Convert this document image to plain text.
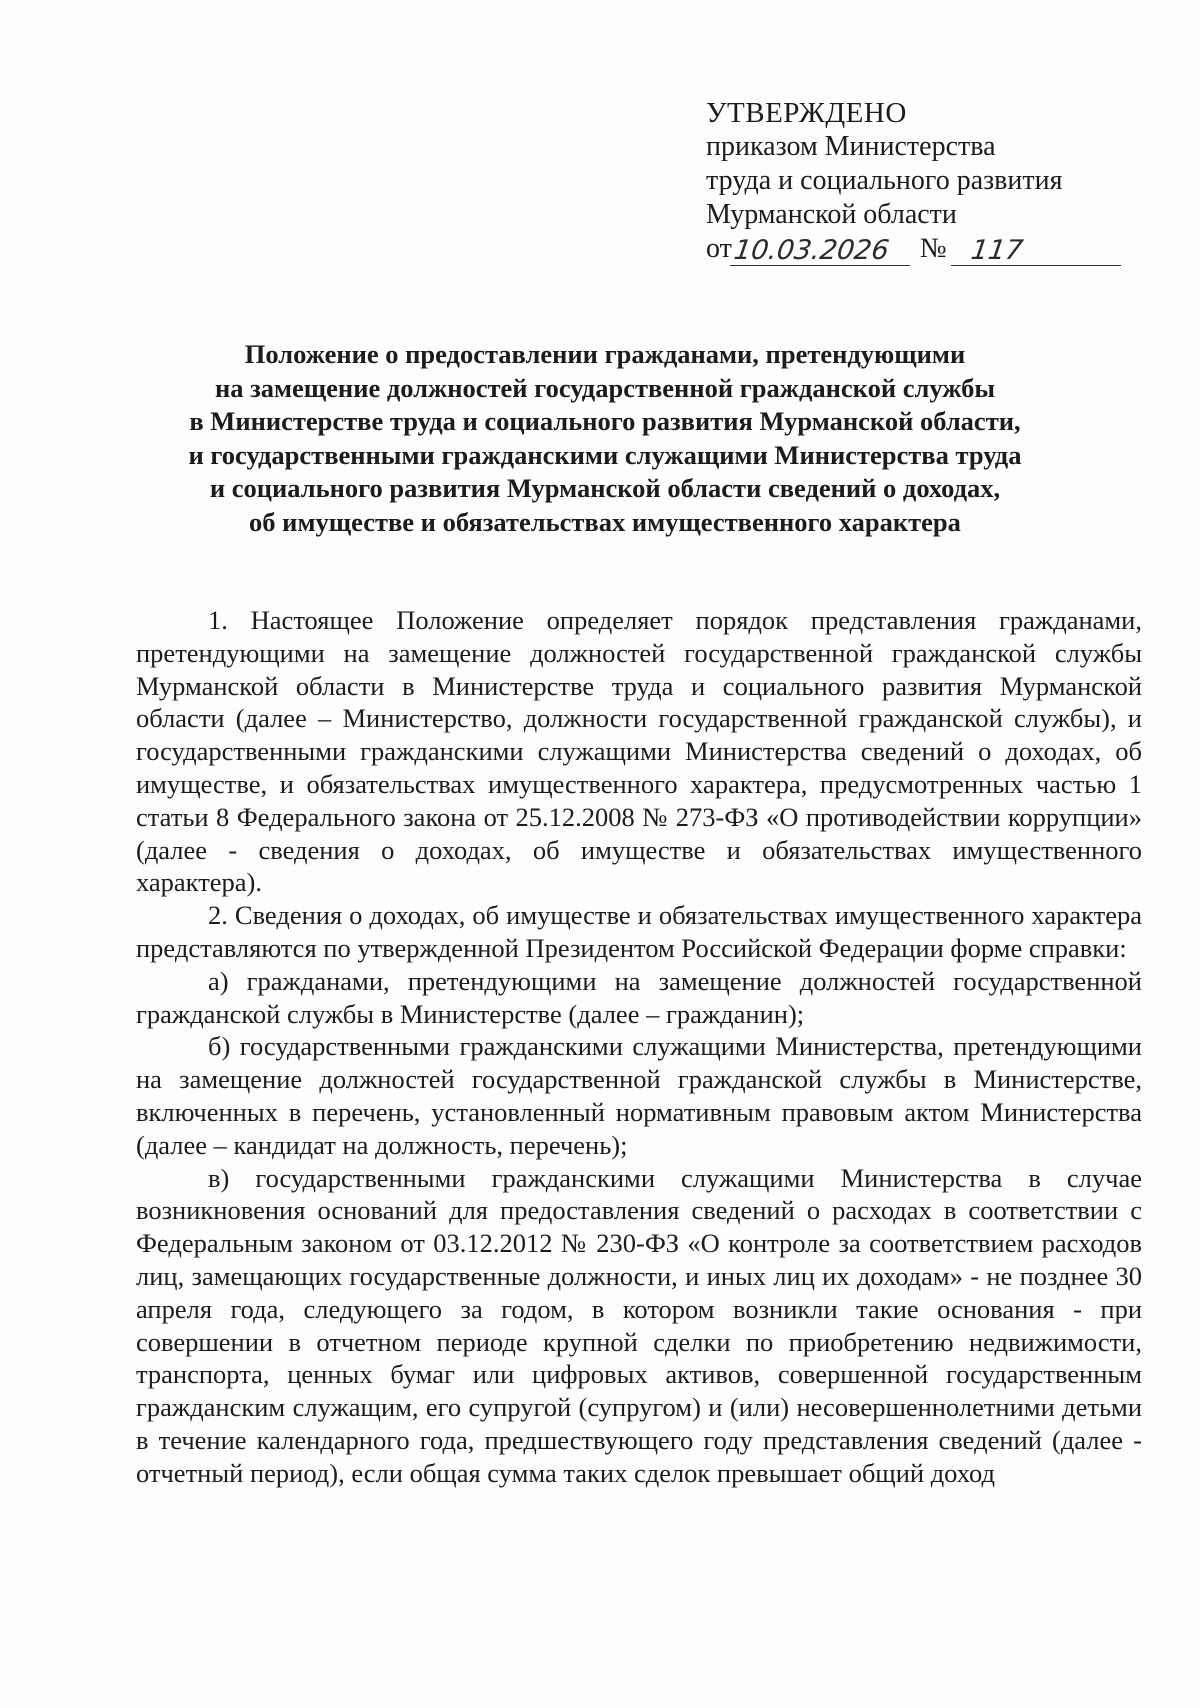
УТВЕРЖДЕНО
приказом Министерства
труда и социального развития
Мурманской области
от 10.03.2026	№ 117
Положение о предоставлении гражданами, претендующими
на замещение должностей государственной гражданской службы
в Министерстве труда и социального развития Мурманской области,
и государственными гражданскими служащими Министерства труда
и социального развития Мурманской области сведений о доходах,
об имуществе и обязательствах имущественного характера

1. Настоящее Положение определяет порядок представления гражданами, претендующими на замещение должностей государственной гражданской службы Мурманской области в Министерстве труда и социального развития Мурманской области (далее – Министерство, должности государственной гражданской службы), и государственными гражданскими служащими Министерства сведений о доходах, об имуществе, и обязательствах имущественного характера, предусмотренных частью 1 статьи 8 Федерального закона от 25.12.2008 № 273-ФЗ «О противодействии коррупции» (далее - сведения о доходах, об имуществе и обязательствах имущественного характера).

2. Сведения о доходах, об имуществе и обязательствах имущественного характера представляются по утвержденной Президентом Российской Федерации форме справки:

а) гражданами, претендующими на замещение должностей государственной гражданской службы в Министерстве (далее – гражданин);

б) государственными гражданскими служащими Министерства, претендующими на замещение должностей государственной гражданской службы в Министерстве, включенных в перечень, установленный нормативным правовым актом Министерства (далее – кандидат на должность, перечень);

в) государственными гражданскими служащими Министерства в случае возникновения оснований для предоставления сведений о расходах в соответствии с Федеральным законом от 03.12.2012 № 230-ФЗ «О контроле за соответствием расходов лиц, замещающих государственные должности, и иных лиц их доходам» - не позднее 30 апреля года, следующего за годом, в котором возникли такие основания - при совершении в отчетном периоде крупной сделки по приобретению недвижимости, транспорта, ценных бумаг или цифровых активов, совершенной государственным гражданским служащим, его супругой (супругом) и (или) несовершеннолетними детьми в течение календарного года, предшествующего году представления сведений (далее - отчетный период), если общая сумма таких сделок превышает общий доход
